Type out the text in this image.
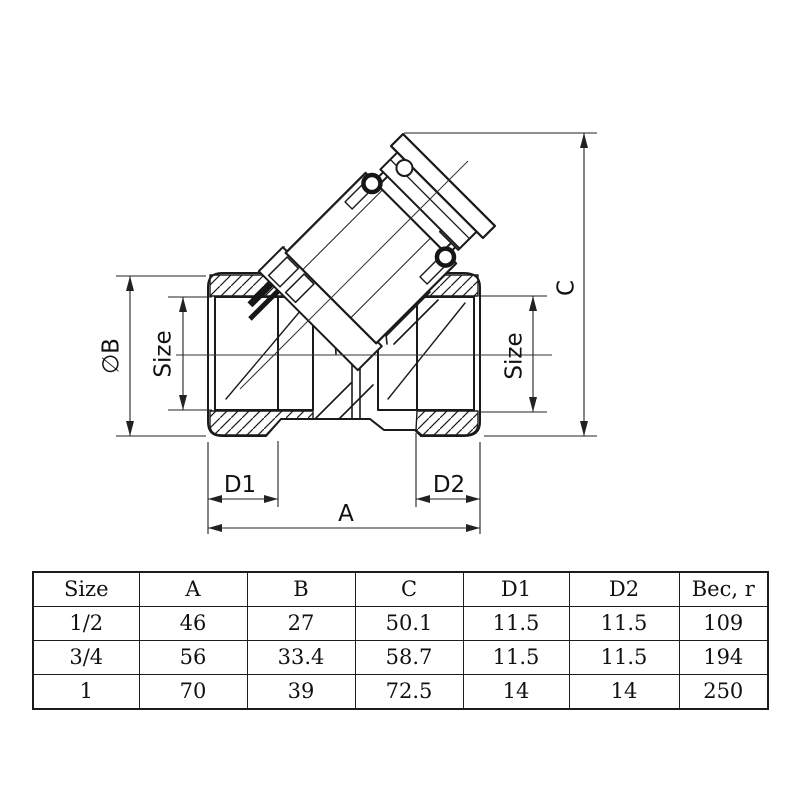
∅B Size	Size
C
D1	D2
A
Size	A	B	C	D1	D2	Bec, r
1/2	46	27	50.1	11.5	11.5	109
3/4	56	33.4	58.7	11.5	11.5	194
1	70	39	72.5	14	14	250
